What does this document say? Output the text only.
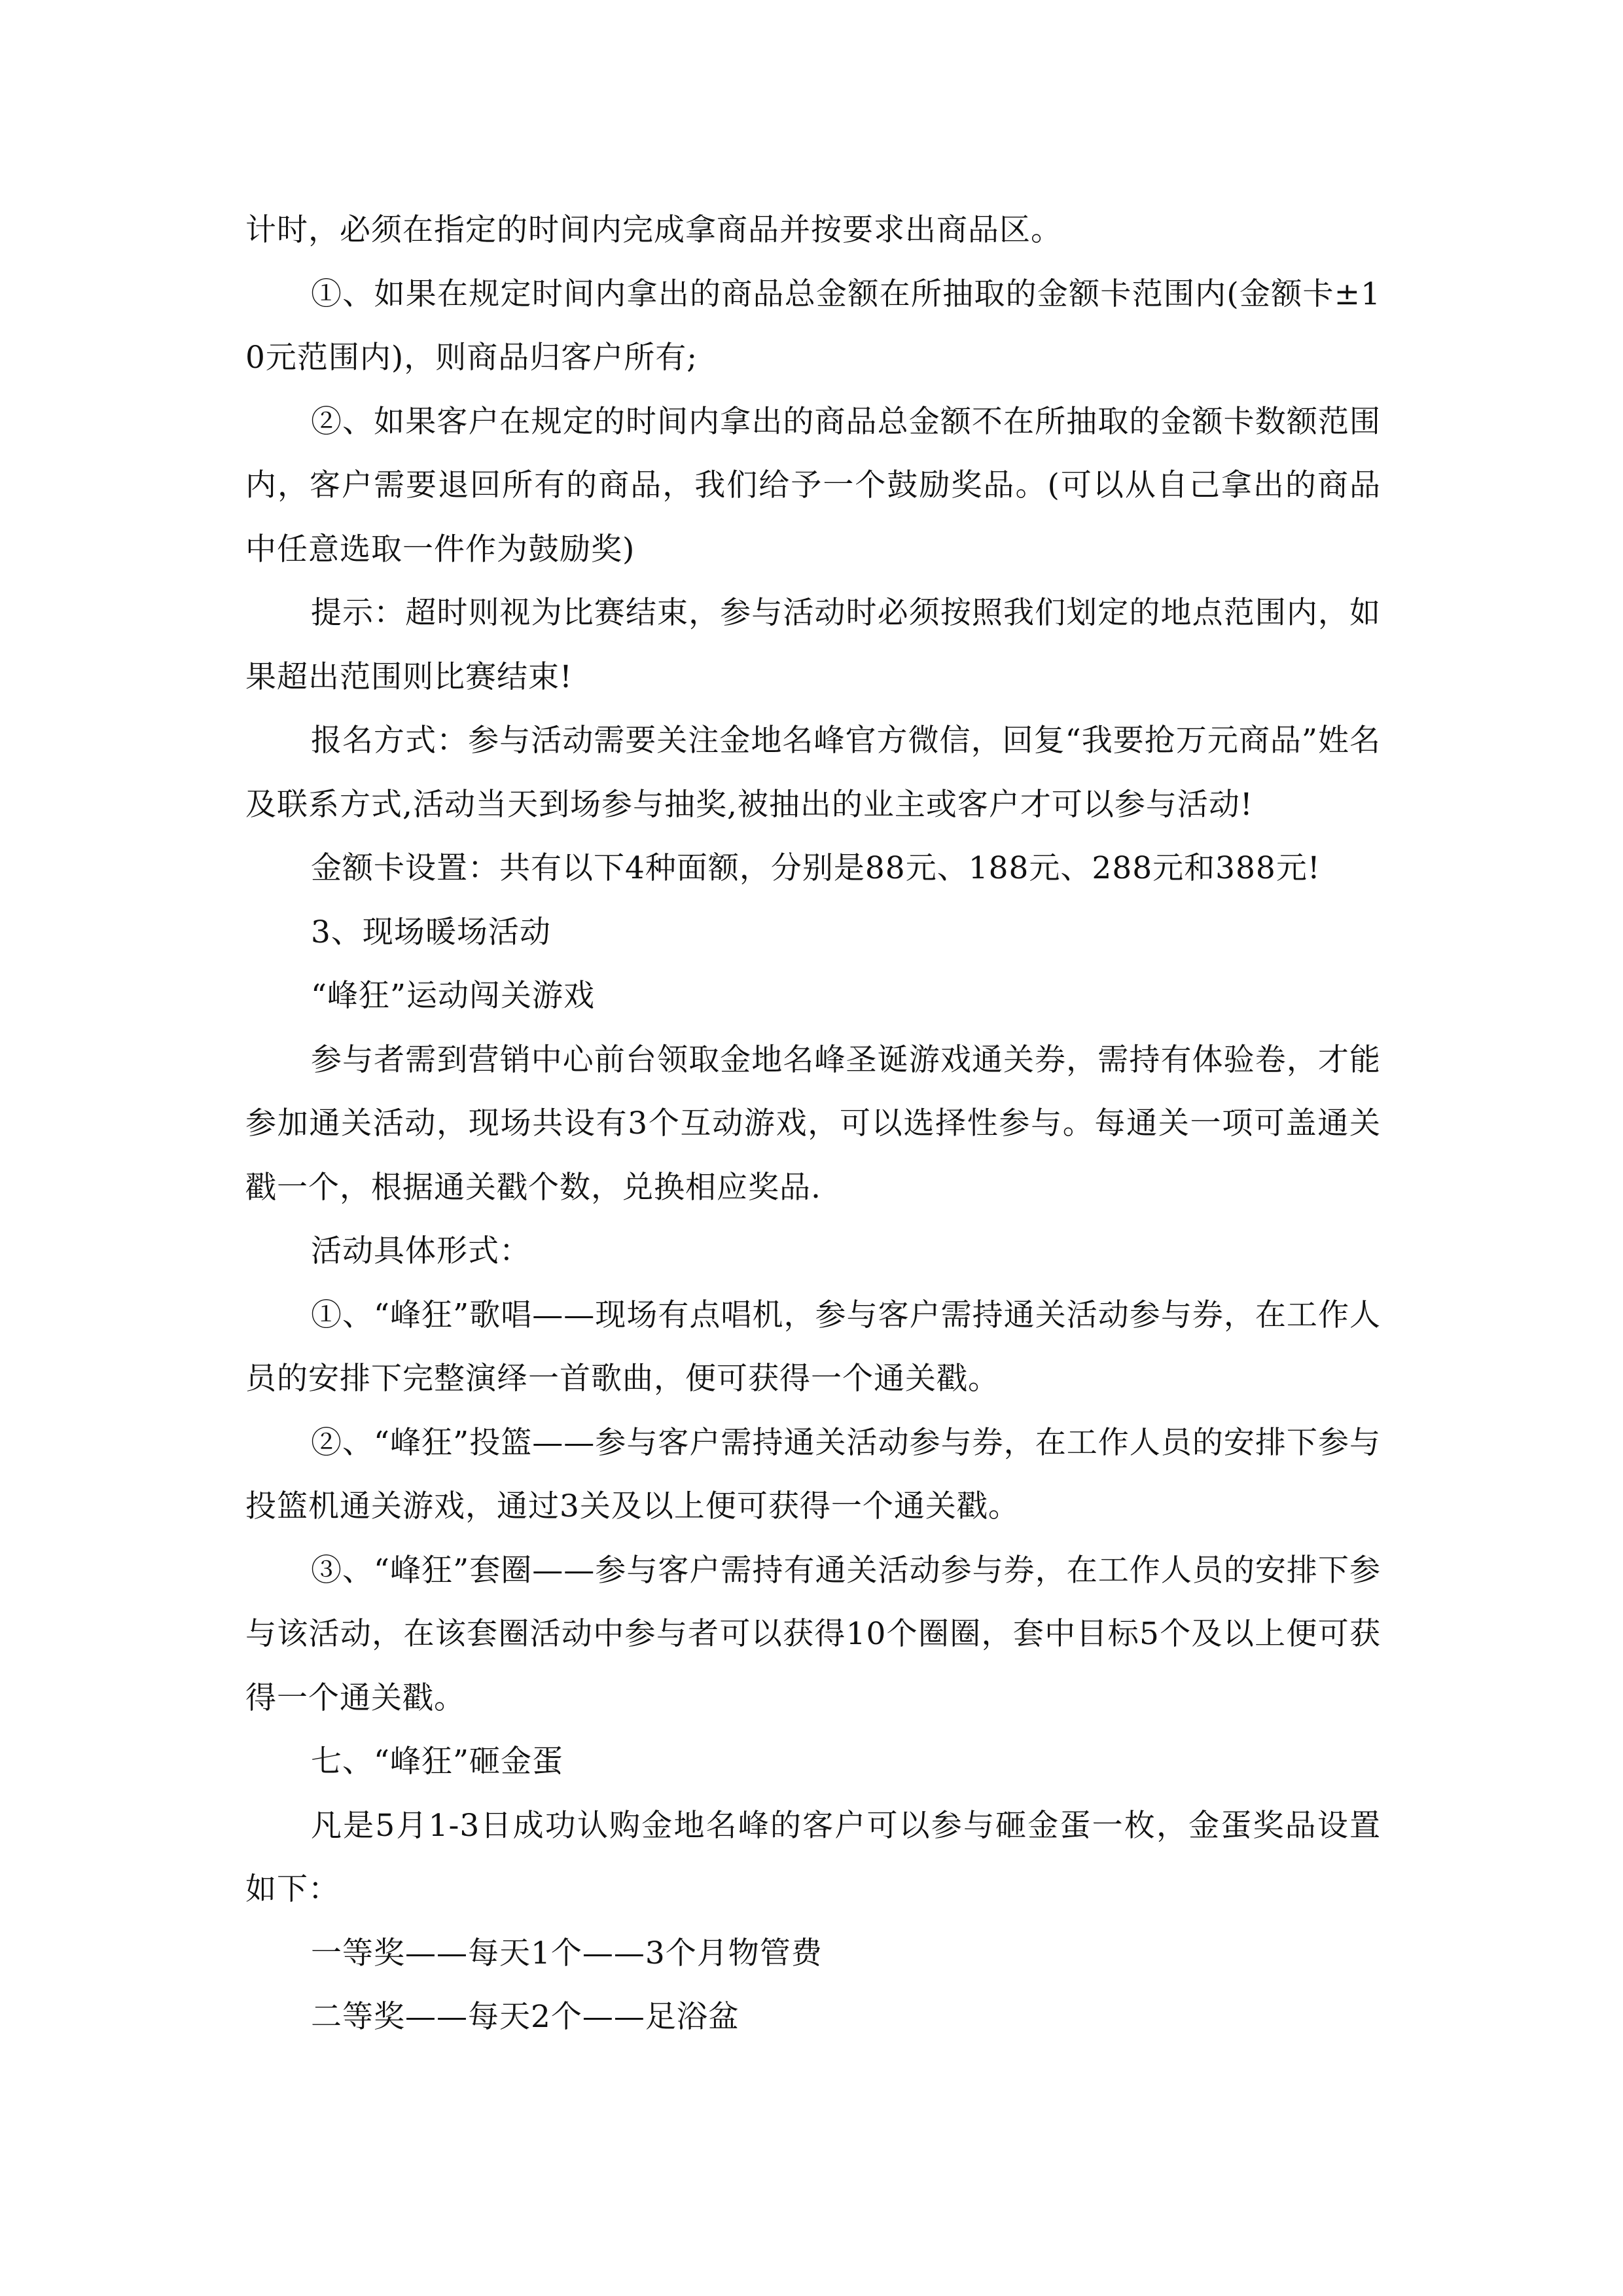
计时，必须在指定的时间内完成拿商品并按要求出商品区。

①、如果在规定时间内拿出的商品总金额在所抽取的金额卡范围内(金额卡±10元范围内)，则商品归客户所有;

②、如果客户在规定的时间内拿出的商品总金额不在所抽取的金额卡数额范围内，客户需要退回所有的商品，我们给予一个鼓励奖品。(可以从自己拿出的商品中任意选取一件作为鼓励奖)

提示：超时则视为比赛结束，参与活动时必须按照我们划定的地点范围内，如果超出范围则比赛结束!

报名方式：参与活动需要关注金地名峰官方微信，回复“我要抢万元商品”姓名及联系方式,活动当天到场参与抽奖,被抽出的业主或客户才可以参与活动!

金额卡设置：共有以下4种面额，分别是88元、188元、288元和388元!

3、现场暖场活动

“峰狂”运动闯关游戏

参与者需到营销中心前台领取金地名峰圣诞游戏通关券，需持有体验卷，才能参加通关活动，现场共设有3个互动游戏，可以选择性参与。每通关一项可盖通关戳一个，根据通关戳个数，兑换相应奖品.

活动具体形式：

①、“峰狂”歌唱——现场有点唱机，参与客户需持通关活动参与券，在工作人员的安排下完整演绎一首歌曲，便可获得一个通关戳。

②、“峰狂”投篮——参与客户需持通关活动参与券，在工作人员的安排下参与投篮机通关游戏，通过3关及以上便可获得一个通关戳。

③、“峰狂”套圈——参与客户需持有通关活动参与券，在工作人员的安排下参与该活动，在该套圈活动中参与者可以获得10个圈圈，套中目标5个及以上便可获得一个通关戳。

七、“峰狂”砸金蛋

凡是5月1-3日成功认购金地名峰的客户可以参与砸金蛋一枚，金蛋奖品设置如下：

一等奖——每天1个——3个月物管费

二等奖——每天2个——足浴盆
